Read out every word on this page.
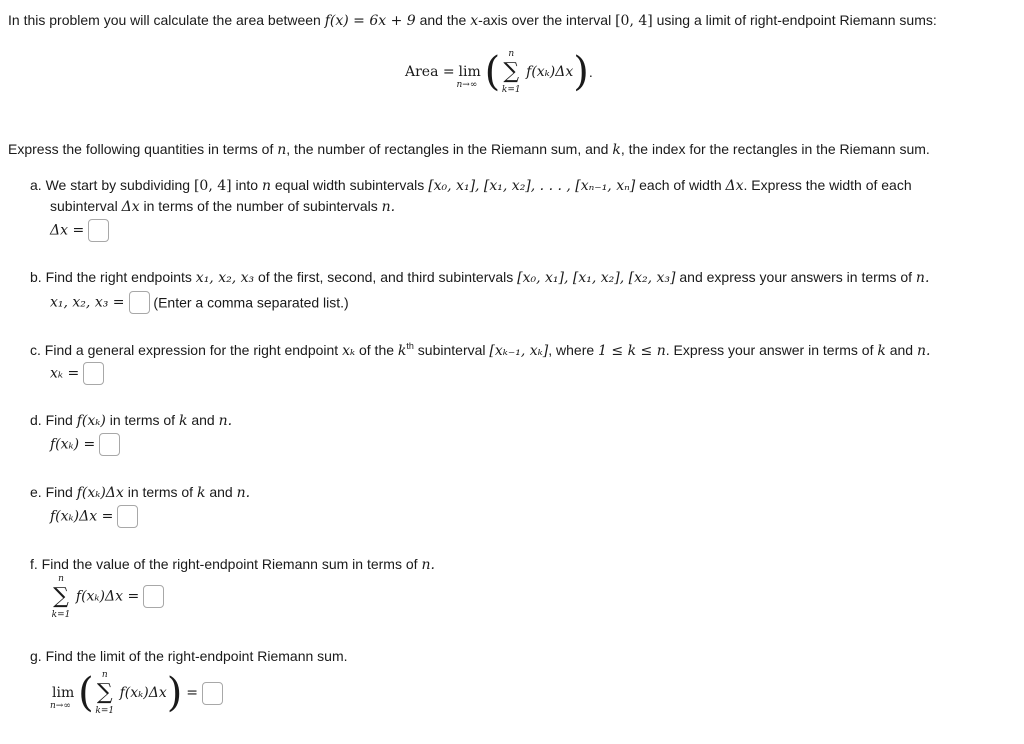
In this problem you will calculate the area between f(x) = 6x + 9 and the x-axis over the interval [0, 4] using a limit of right-endpoint Riemann sums:
Area = lim
n→∞ ( n
∑
k=1
f(xₖ)Δx).
Express the following quantities in terms of n, the number of rectangles in the Riemann sum, and k, the index for the rectangles in the Riemann sum.
a. We start by subdividing [0, 4] into n equal width subintervals [x₀, x₁], [x₁, x₂], . . . , [xₙ₋₁, xₙ] each of width Δx. Express the width of each
subinterval Δx in terms of the number of subintervals n.
Δx =
b. Find the right endpoints x₁, x₂, x₃ of the first, second, and third subintervals [x₀, x₁], [x₁, x₂], [x₂, x₃] and express your answers in terms of n.
x₁, x₂, x₃ = (Enter a comma separated list.)
c. Find a general expression for the right endpoint xₖ of the $k^{th}$ subinterval [xₖ₋₁, xₖ], where 1 ≤ k ≤ n. Express your answer in terms of k and n.
xₖ =
d. Find f(xₖ) in terms of k and n.
f(xₖ) =
e. Find f(xₖ)Δx in terms of k and n.
f(xₖ)Δx =
f. Find the value of the right-endpoint Riemann sum in terms of n.
n
∑
k=1
f(xₖ)Δx =
g. Find the limit of the right-endpoint Riemann sum.
lim
n→∞ ( n
∑
k=1
f(xₖ)Δx) =
